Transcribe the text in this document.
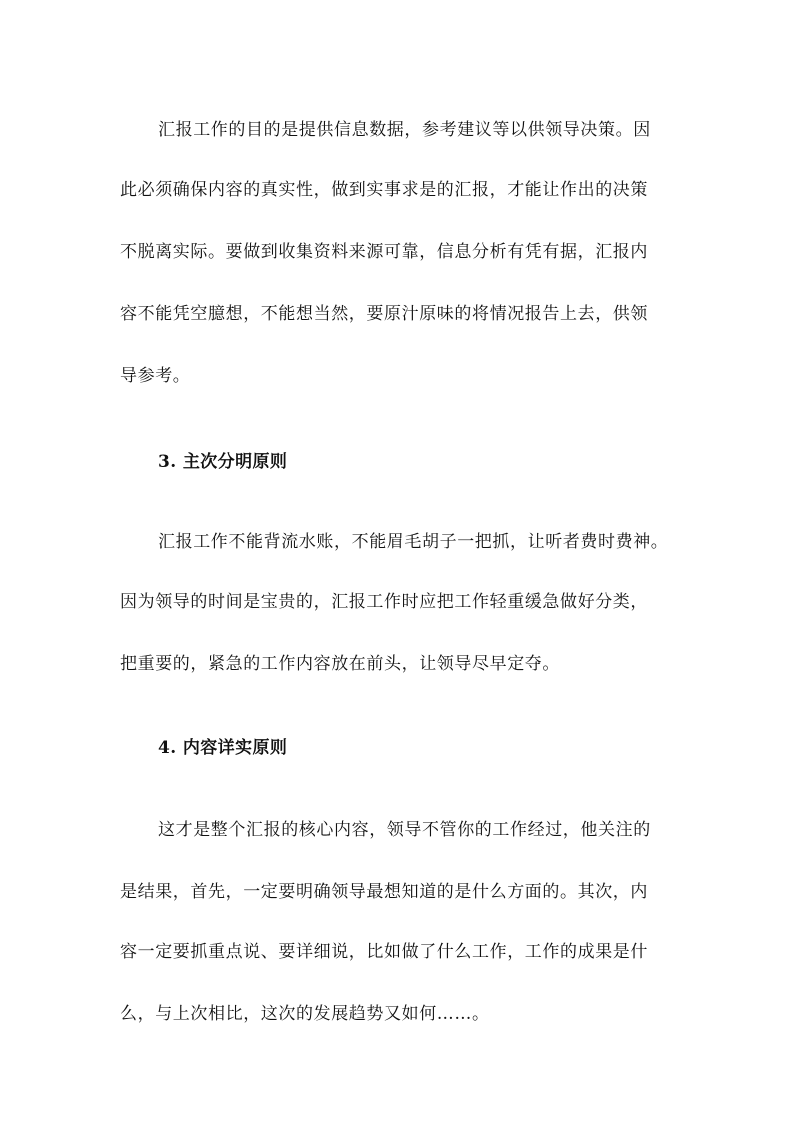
汇报工作的目的是提供信息数据，参考建议等以供领导决策。因
此必须确保内容的真实性，做到实事求是的汇报，才能让作出的决策
不脱离实际。要做到收集资料来源可靠，信息分析有凭有据，汇报内
容不能凭空臆想，不能想当然，要原汁原味的将情况报告上去，供领
导参考。
3. 主次分明原则
汇报工作不能背流水账，不能眉毛胡子一把抓，让听者费时费神。
因为领导的时间是宝贵的，汇报工作时应把工作轻重缓急做好分类，
把重要的，紧急的工作内容放在前头，让领导尽早定夺。
4. 内容详实原则
这才是整个汇报的核心内容，领导不管你的工作经过，他关注的
是结果，首先，一定要明确领导最想知道的是什么方面的。其次，内
容一定要抓重点说、要详细说，比如做了什么工作，工作的成果是什
么，与上次相比，这次的发展趋势又如何……。
